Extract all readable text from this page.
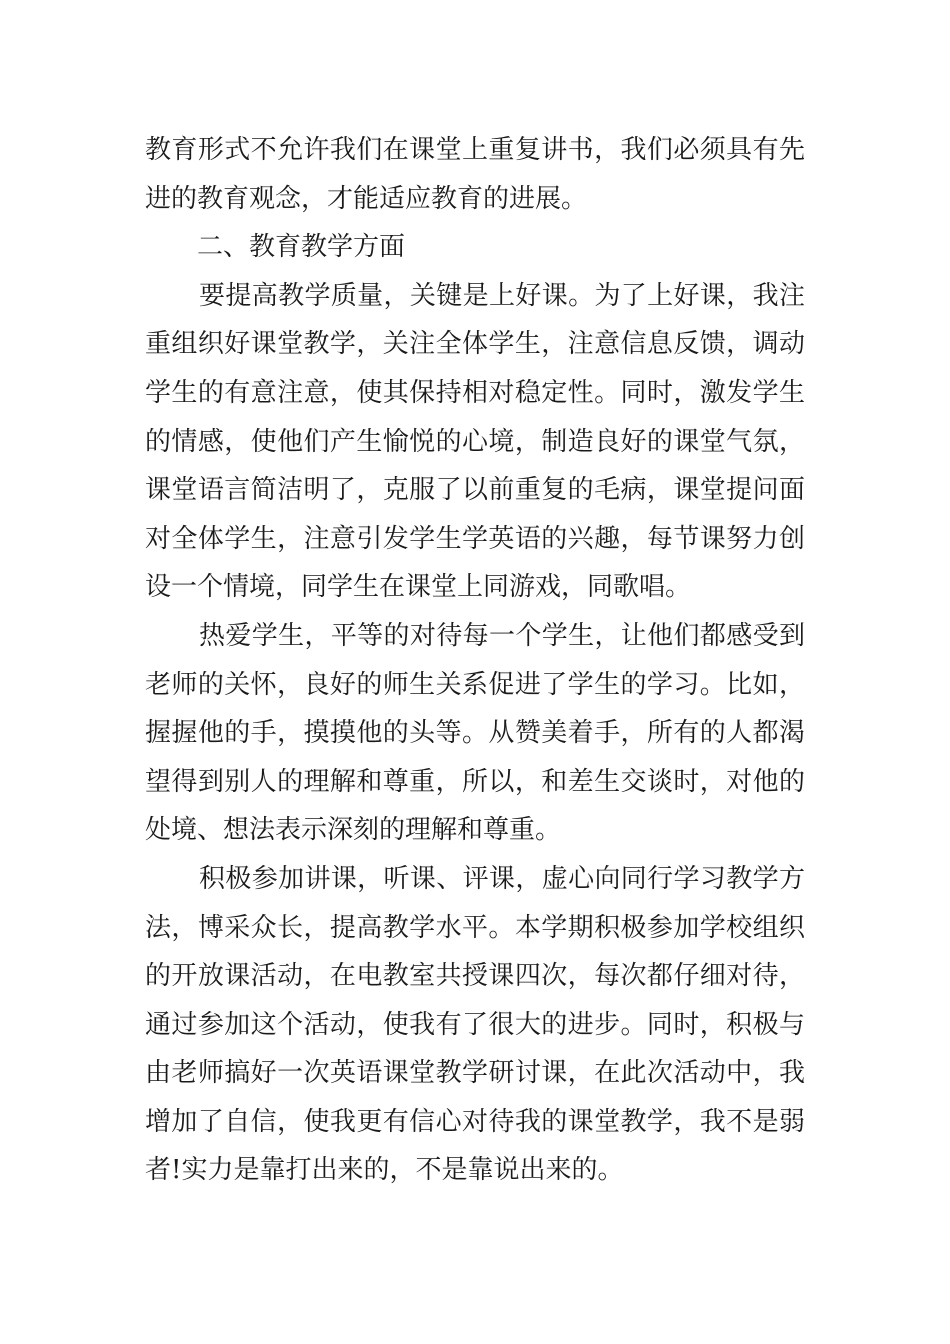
教育形式不允许我们在课堂上重复讲书，我们必须具有先
进的教育观念，才能适应教育的进展。
二、教育教学方面
要提高教学质量，关键是上好课。为了上好课，我注
重组织好课堂教学，关注全体学生，注意信息反馈，调动
学生的有意注意，使其保持相对稳定性。同时，激发学生
的情感，使他们产生愉悦的心境，制造良好的课堂气氛，
课堂语言简洁明了，克服了以前重复的毛病，课堂提问面
对全体学生，注意引发学生学英语的兴趣，每节课努力创
设一个情境，同学生在课堂上同游戏，同歌唱。
热爱学生，平等的对待每一个学生，让他们都感受到
老师的关怀，良好的师生关系促进了学生的学习。比如，
握握他的手，摸摸他的头等。从赞美着手，所有的人都渴
望得到别人的理解和尊重，所以，和差生交谈时，对他的
处境、想法表示深刻的理解和尊重。
积极参加讲课，听课、评课，虚心向同行学习教学方
法，博采众长，提高教学水平。本学期积极参加学校组织
的开放课活动，在电教室共授课四次，每次都仔细对待，
通过参加这个活动，使我有了很大的进步。同时，积极与
由老师搞好一次英语课堂教学研讨课，在此次活动中，我
增加了自信，使我更有信心对待我的课堂教学，我不是弱
者!实力是靠打出来的，不是靠说出来的。
